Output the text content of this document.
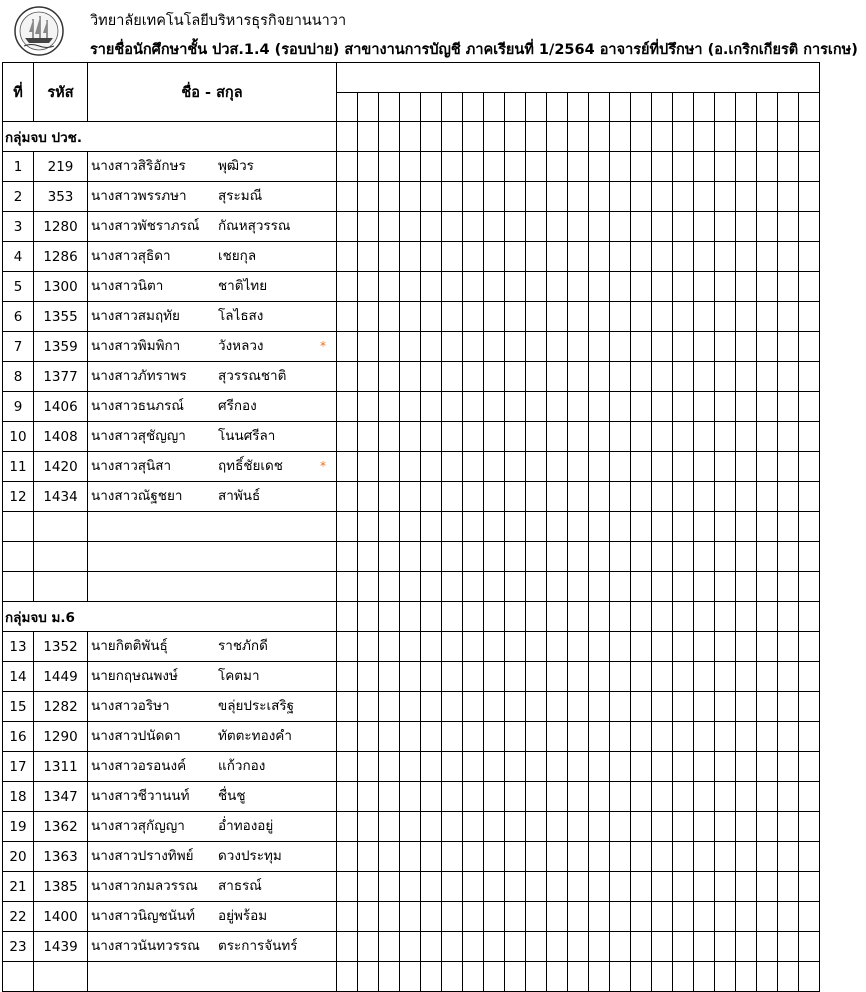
วิทยาลัยเทคโนโลยีบริหารธุรกิจยานนาวา
รายชื่อนักศึกษาชั้น ปวส.1.4 (รอบบ่าย) สาขางานการบัญชี ภาคเรียนที่ 1/2564 อาจารย์ที่ปรึกษา (อ.เกริกเกียรติ การเกษ)
ที่	รหัส	ชื่อ - สกุล																							

กลุ่มจบ ปวช.																									
1	219	นางสาวสิริอักษร พุฒิวร																							

2	353	นางสาวพรรภษา สุระมณี																							

3	1280	นางสาวพัชราภรณ์ กัณหสุวรรณ																							

4	1286	นางสาวสุธิดา เชยกุล																							

5	1300	นางสาวนิตา ชาติไทย																							

6	1355	นางสาวสมฤทัย โลไธสง																							

7	1359	นางสาวพิมพิกา วังหลวง *																							

8	1377	นางสาวภัทราพร สุวรรณชาติ																							

9	1406	นางสาวธนภรณ์ ศรีกอง																							

10	1408	นางสาวสุชัญญา โนนศรีลา																							

11	1420	นางสาวสุนิสา ฤทธิ์ชัยเดช *																							

12	1434	นางสาวณัฐชยา สาพันธ์																							

กลุ่มจบ ม.6																									
13	1352	นายกิตติพันธุ์ ราชภักดี																							

14	1449	นายกฤษณพงษ์ โคตมา																							

15	1282	นางสาวอริษา ขลุ่ยประเสริฐ																							

16	1290	นางสาวปนัดดา ทัตตะทองคำ																							

17	1311	นางสาวอรอนงค์ แก้วกอง																							

18	1347	นางสาวชีวานนท์ ชื่นชู																							

19	1362	นางสาวสุกัญญา อ่ำทองอยู่																							

20	1363	นางสาวปรางทิพย์ ดวงประทุม																							

21	1385	นางสาวกมลวรรณ สาธรณ์																							

22	1400	นางสาวนิญชนันท์ อยู่พร้อม																							

23	1439	นางสาวนันทวรรณ ตระการจันทร์																							
